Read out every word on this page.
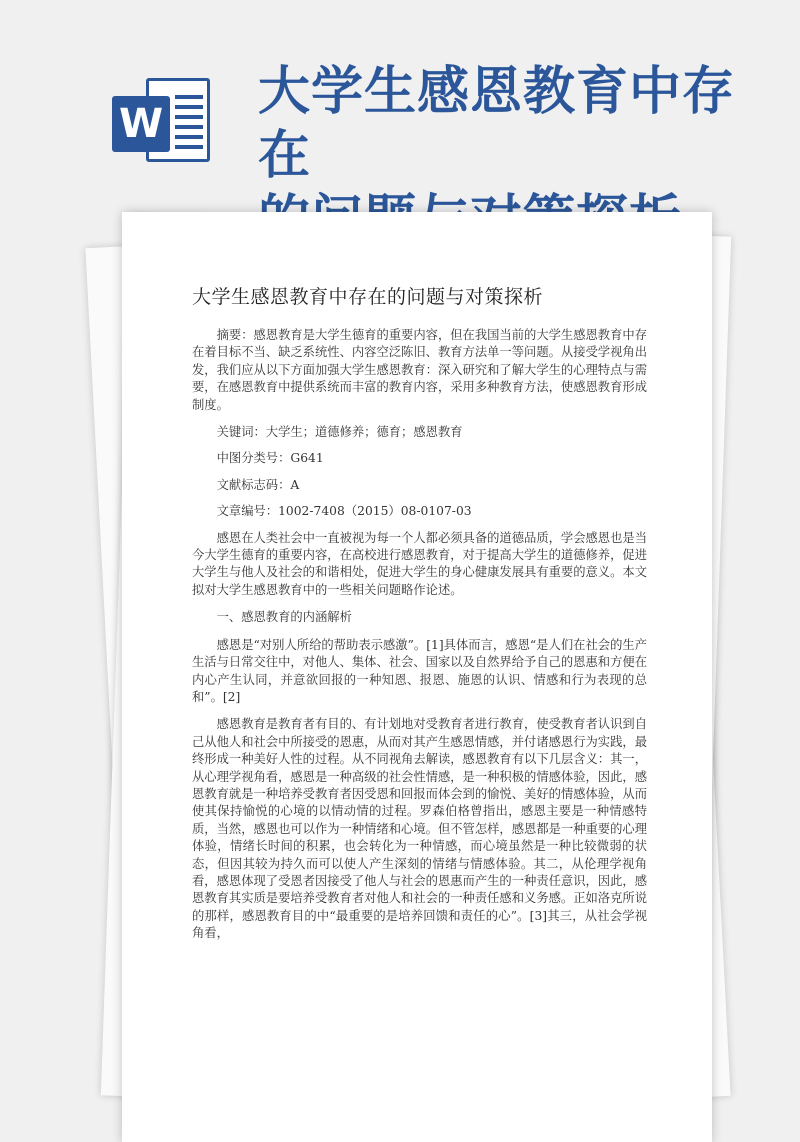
W
大学生感恩教育中存在

大学生感恩教育中存在的问题与对策探析

摘要：感恩教育是大学生德育的重要内容，但在我国当前的大学生感恩教育中存在着目标不当、缺乏系统性、内容空泛陈旧、教育方法单一等问题。从接受学视角出发，我们应从以下方面加强大学生感恩教育：深入研究和了解大学生的心理特点与需要，在感恩教育中提供系统而丰富的教育内容，采用多种教育方法，使感恩教育形成制度。

关键词：大学生；道德修养；德育；感恩教育

中图分类号：G641

文献标志码：A

文章编号：1002-7408（2015）08-0107-03

感恩在人类社会中一直被视为每一个人都必须具备的道德品质，学会感恩也是当今大学生德育的重要内容，在高校进行感恩教育，对于提高大学生的道德修养，促进大学生与他人及社会的和谐相处，促进大学生的身心健康发展具有重要的意义。本文拟对大学生感恩教育中的一些相关问题略作论述。

一、感恩教育的内涵解析

感恩是“对别人所给的帮助表示感激”。[1]具体而言，感恩“是人们在社会的生产生活与日常交往中，对他人、集体、社会、国家以及自然界给予自己的恩惠和方便在内心产生认同，并意欲回报的一种知恩、报恩、施恩的认识、情感和行为表现的总和”。[2]

感恩教育是教育者有目的、有计划地对受教育者进行教育，使受教育者认识到自己从他人和社会中所接受的恩惠，从而对其产生感恩情感，并付诸感恩行为实践，最终形成一种美好人性的过程。从不同视角去解读，感恩教育有以下几层含义：其一，从心理学视角看，感恩是一种高级的社会性情感，是一种积极的情感体验，因此，感恩教育就是一种培养受教育者因受恩和回报而体会到的愉悦、美好的情感体验，从而使其保持愉悦的心境的以情动情的过程。罗森伯格曾指出，感恩主要是一种情感特质，当然，感恩也可以作为一种情绪和心境。但不管怎样，感恩都是一种重要的心理体验，情绪长时间的积累，也会转化为一种情感，而心境虽然是一种比较微弱的状态，但因其较为持久而可以使人产生深刻的情绪与情感体验。其二，从伦理学视角看，感恩体现了受恩者因接受了他人与社会的恩惠而产生的一种责任意识，因此，感恩教育其实质是要培养受教育者对他人和社会的一种责任感和义务感。正如洛克所说的那样，感恩教育目的中“最重要的是培养回馈和责任的心”。[3]其三，从社会学视角看，
